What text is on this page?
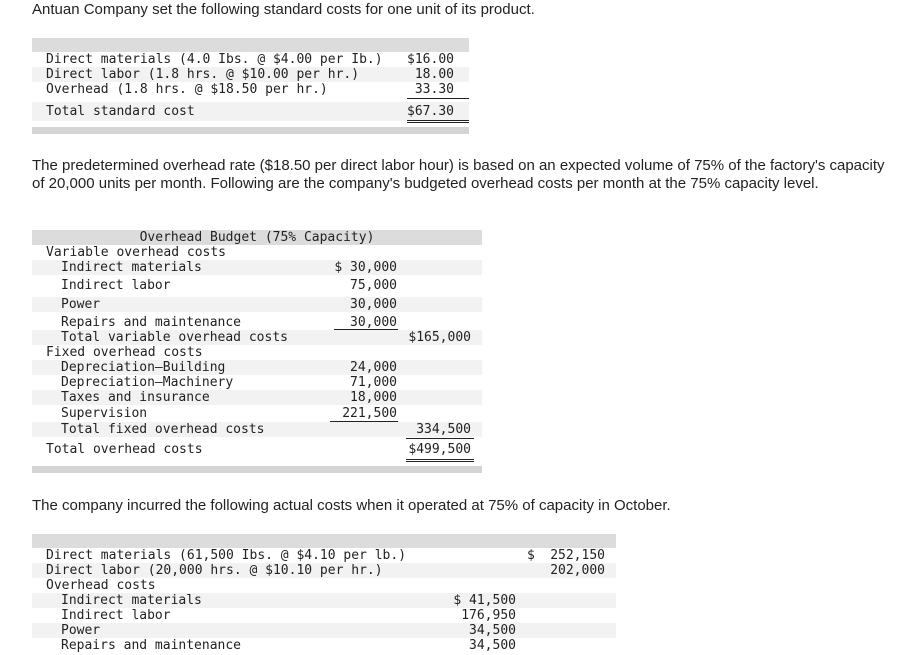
Antuan Company set the following standard costs for one unit of its product.
Direct materials (4.0 Ibs. @ $4.00 per Ib.) $16.00
Direct labor (1.8 hrs. @ $10.00 per hr.)	18.00
Overhead (1.8 hrs. @ $18.50 per hr.)	33.30
Total standard cost	$67.30
The predetermined overhead rate ($18.50 per direct labor hour) is based on an expected volume of 75% of the factory's capacity of 20,000 units per month. Following are the company's budgeted overhead costs per month at the 75% capacity level.
Overhead Budget (75% Capacity)
Variable overhead costs
Indirect materials	$ 30,000
Indirect labor	75,000
Power	30,000
Repairs and maintenance	30,000
Total variable overhead costs	$165,000
Fixed overhead costs
Depreciation—Building	24,000
Depreciation—Machinery	71,000
Taxes and insurance	18,000
Supervision	221,500
Total fixed overhead costs	334,500
Total overhead costs	$499,500
The company incurred the following actual costs when it operated at 75% of capacity in October.
Direct materials (61,500 Ibs. @ $4.10 per lb.)	$ 252,150
Direct labor (20,000 hrs. @ $10.10 per hr.)	202,000
Overhead costs
Indirect materials	$ 41,500
Indirect labor	176,950
Power	34,500
Repairs and maintenance	34,500
